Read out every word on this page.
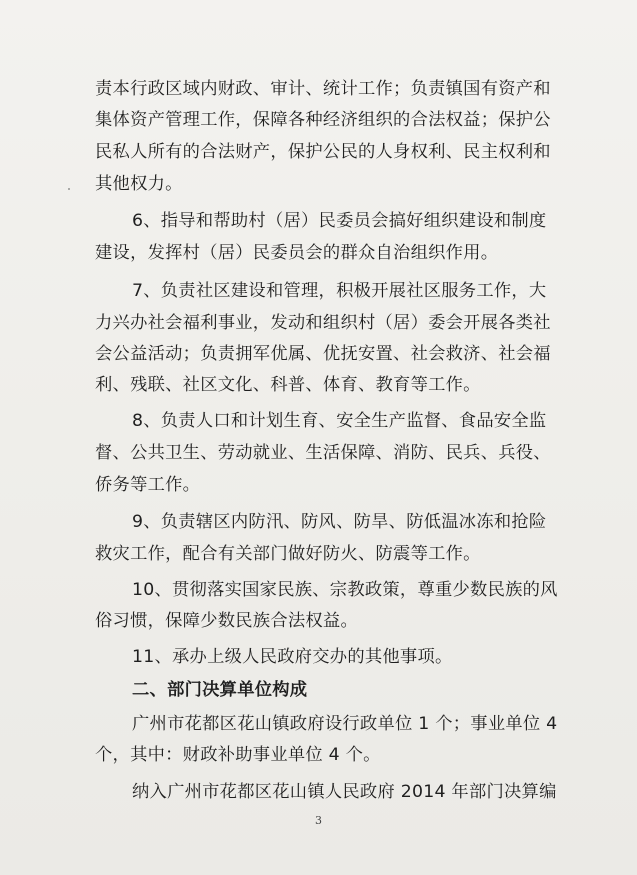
责本行政区域内财政、审计、统计工作；负责镇国有资产和
集体资产管理工作，保障各种经济组织的合法权益；保护公
民私人所有的合法财产，保护公民的人身权利、民主权利和
其他权力。
6、指导和帮助村（居）民委员会搞好组织建设和制度
建设，发挥村（居）民委员会的群众自治组织作用。
7、负责社区建设和管理，积极开展社区服务工作，大
力兴办社会福利事业，发动和组织村（居）委会开展各类社
会公益活动；负责拥军优属、优抚安置、社会救济、社会福
利、残联、社区文化、科普、体育、教育等工作。
8、负责人口和计划生育、安全生产监督、食品安全监
督、公共卫生、劳动就业、生活保障、消防、民兵、兵役、
侨务等工作。
9、负责辖区内防汛、防风、防旱、防低温冰冻和抢险
救灾工作，配合有关部门做好防火、防震等工作。
10、贯彻落实国家民族、宗教政策，尊重少数民族的风
俗习惯，保障少数民族合法权益。
11、承办上级人民政府交办的其他事项。
二、部门决算单位构成
广州市花都区花山镇政府设行政单位 1 个；事业单位 4
个，其中：财政补助事业单位 4 个。
纳入广州市花都区花山镇人民政府 2014 年部门决算编
3
